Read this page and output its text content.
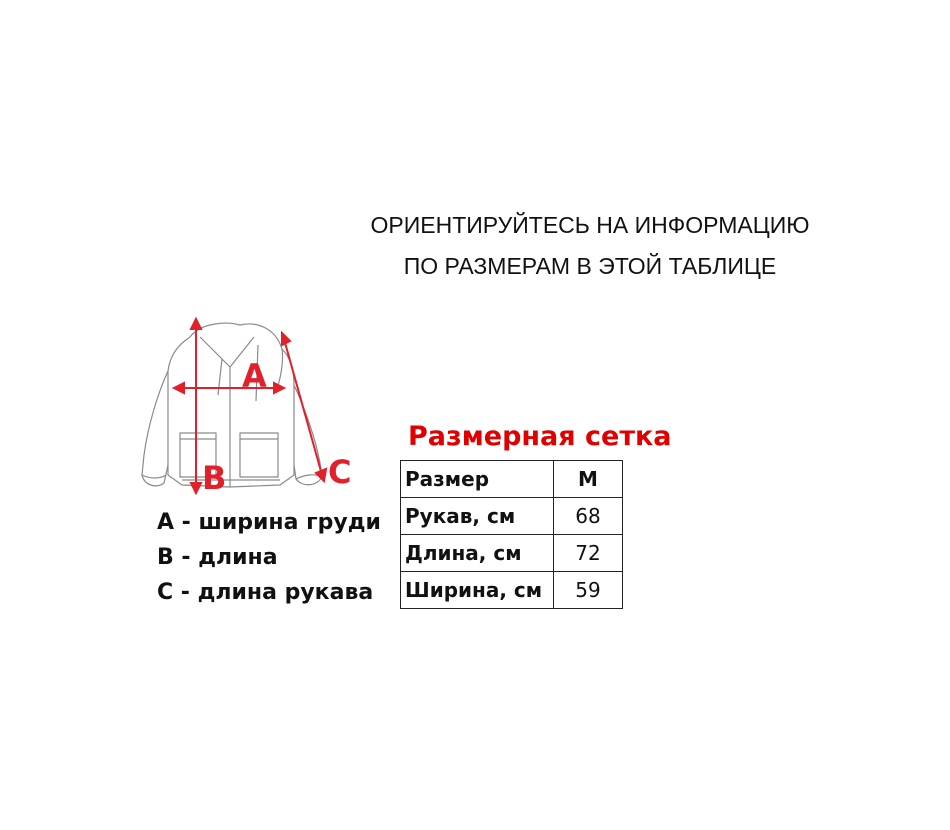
ОРИЕНТИРУЙТЕСЬ НА ИНФОРМАЦИЮ
ПО РАЗМЕРАМ В ЭТОЙ ТАБЛИЦЕ
A
B	C
А - ширина груди
В - длина
С - длина рукава
Размерная сетка
Размер	M
Рукав, см	68
Длина, см	72
Ширина, см	59
